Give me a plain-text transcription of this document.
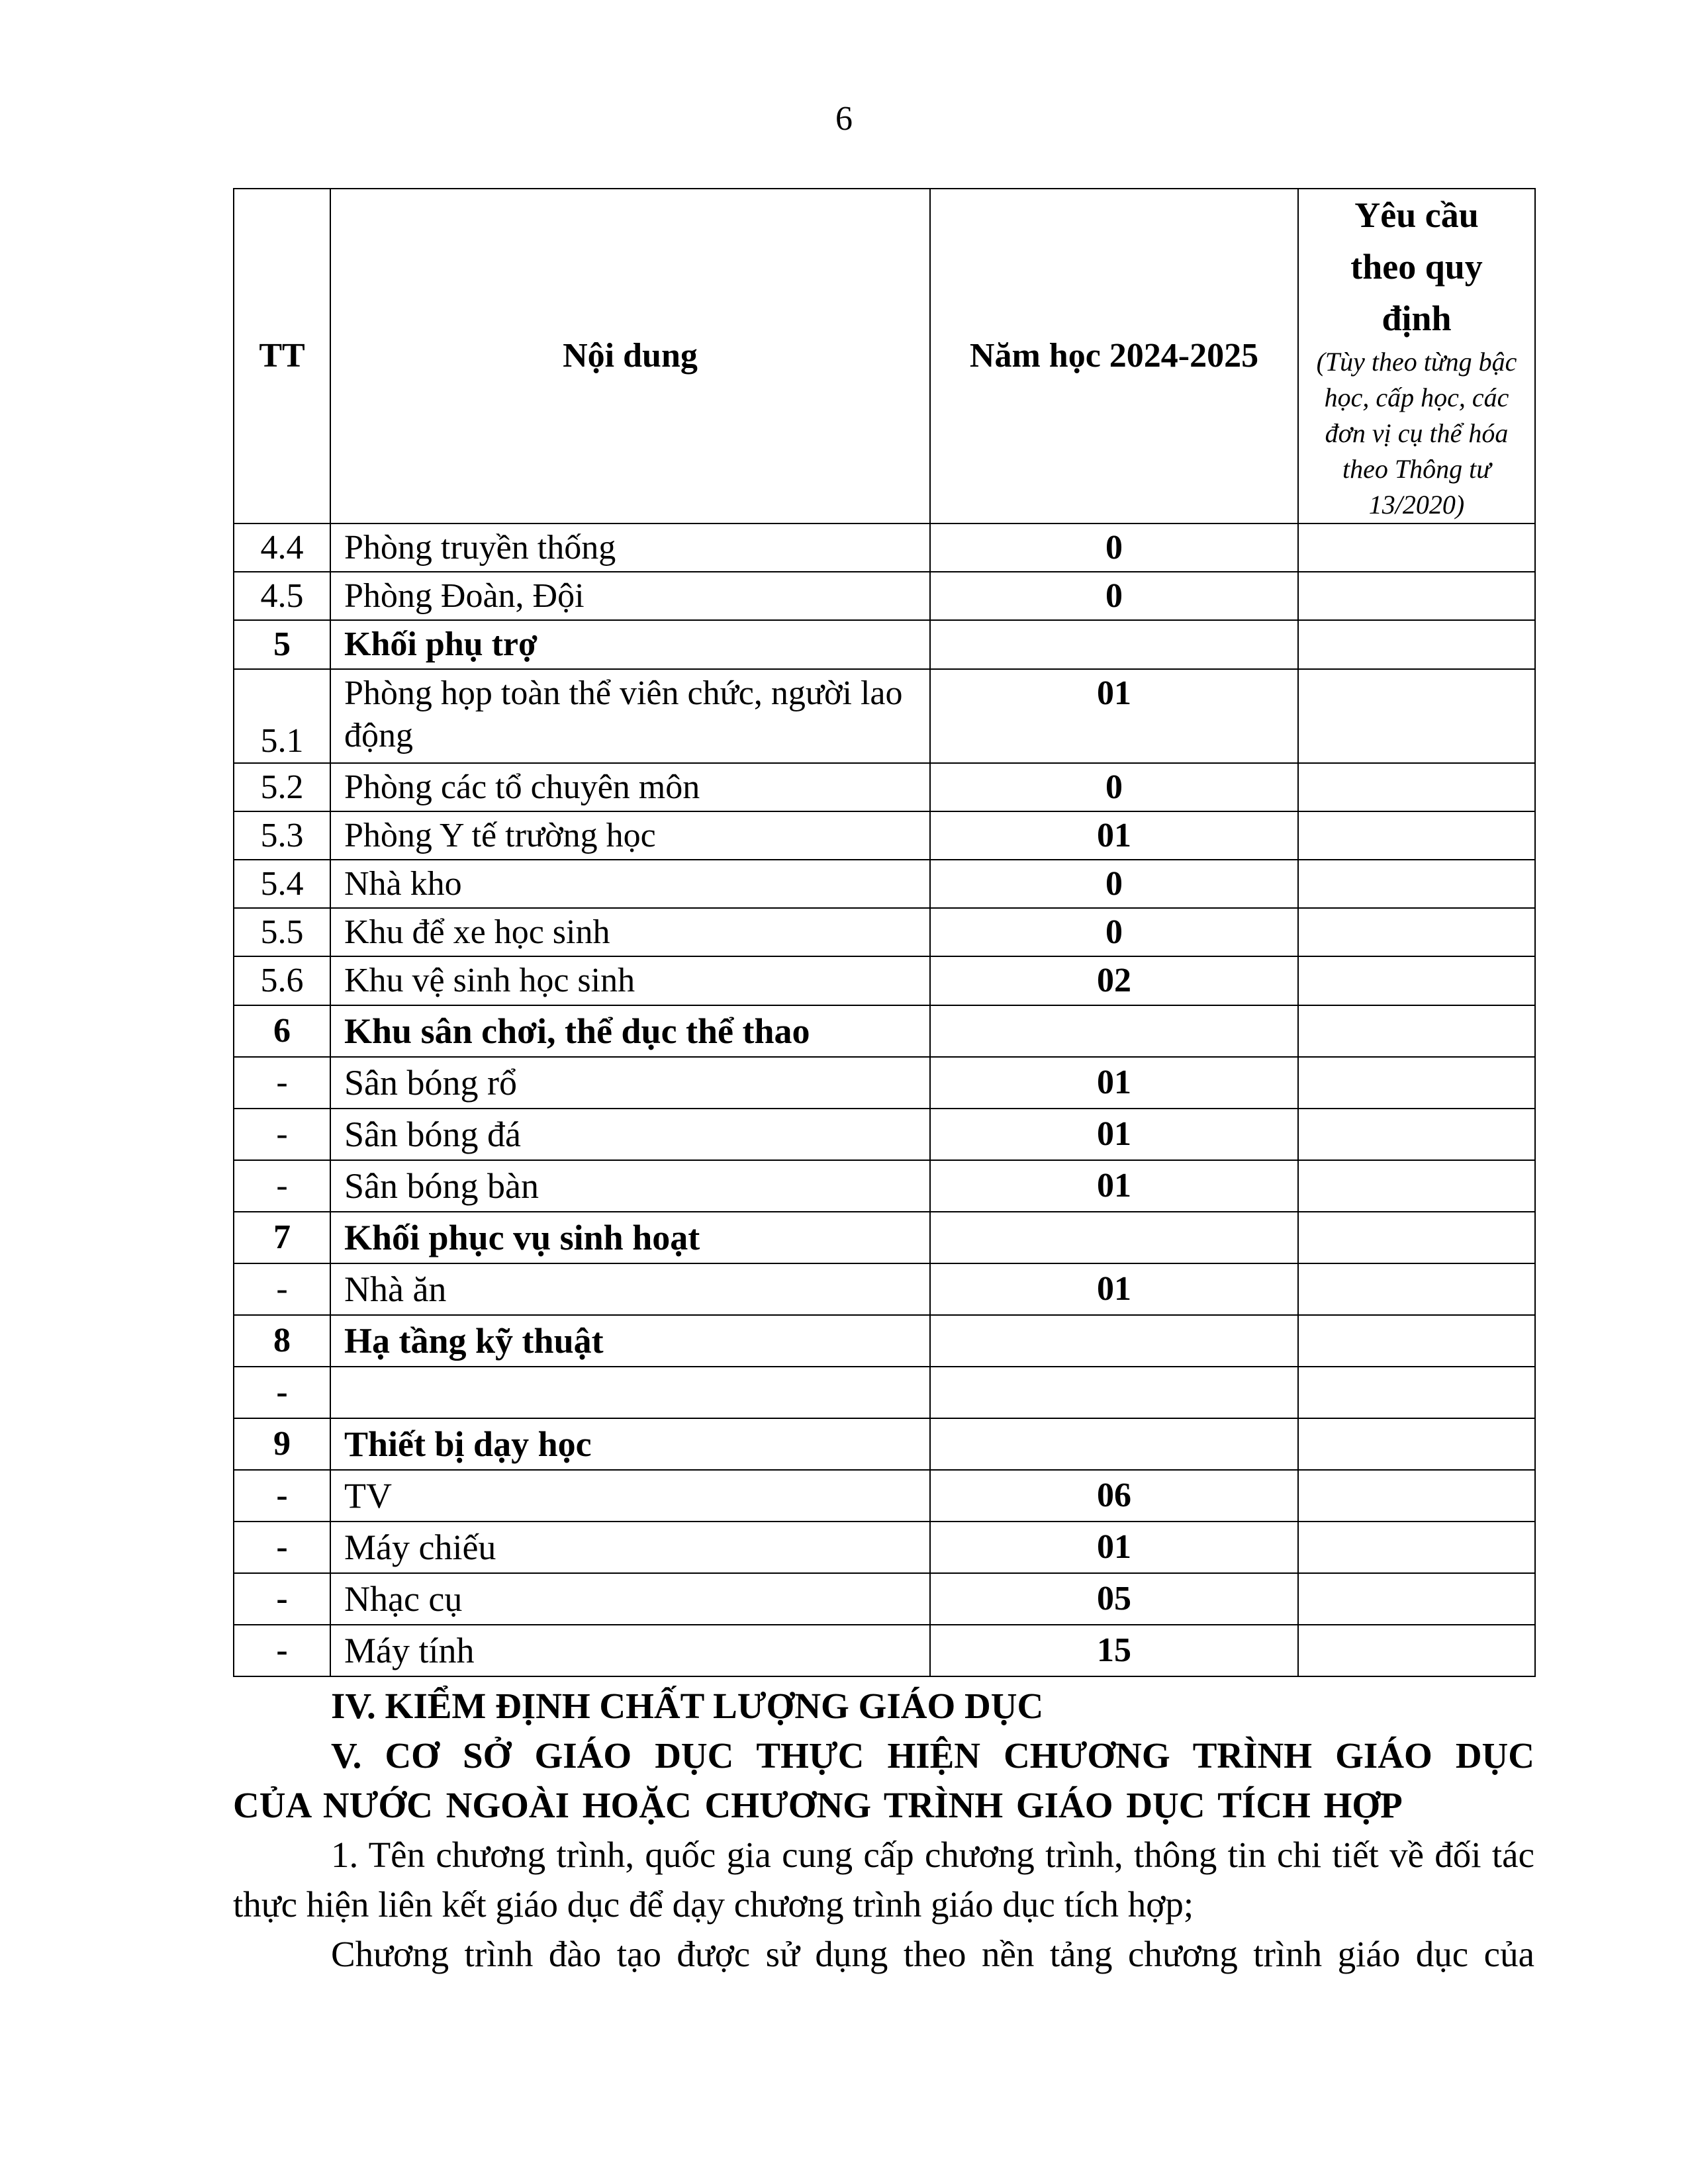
6
TT	Nội dung	Năm học 2024-2025	Yêu cầu
theo quy
định
(Tùy theo từng bậc học, cấp học, các đơn vị cụ thể hóa theo Thông tư 13/2020)

4.4	Phòng truyền thống	0	
4.5	Phòng Đoàn, Đội	0	
5	Khối phụ trợ		
5.1	Phòng họp toàn thể viên chức, người lao động	01	
5.2	Phòng các tổ chuyên môn	0	
5.3	Phòng Y tế trường học	01	
5.4	Nhà kho	0	
5.5	Khu để xe học sinh	0	
5.6	Khu vệ sinh học sinh	02	
6	Khu sân chơi, thể dục thể thao		
-	Sân bóng rổ	01	
-	Sân bóng đá	01	
-	Sân bóng bàn	01	
7	Khối phục vụ sinh hoạt		
-	Nhà ăn	01	
8	Hạ tầng kỹ thuật		
-			
9	Thiết bị dạy học		
-	TV	06	
-	Máy chiếu	01	
-	Nhạc cụ	05	
-	Máy tính	15	

IV. KIỂM ĐỊNH CHẤT LƯỢNG GIÁO DỤC

V. CƠ SỞ GIÁO DỤC THỰC HIỆN CHƯƠNG TRÌNH GIÁO DỤC

CỦA NƯỚC NGOÀI HOẶC CHƯƠNG TRÌNH GIÁO DỤC TÍCH HỢP

1. Tên chương trình, quốc gia cung cấp chương trình, thông tin chi tiết về đối tác thực hiện liên kết giáo dục để dạy chương trình giáo dục tích hợp;

Chương trình đào tạo được sử dụng theo nền tảng chương trình giáo dục của
